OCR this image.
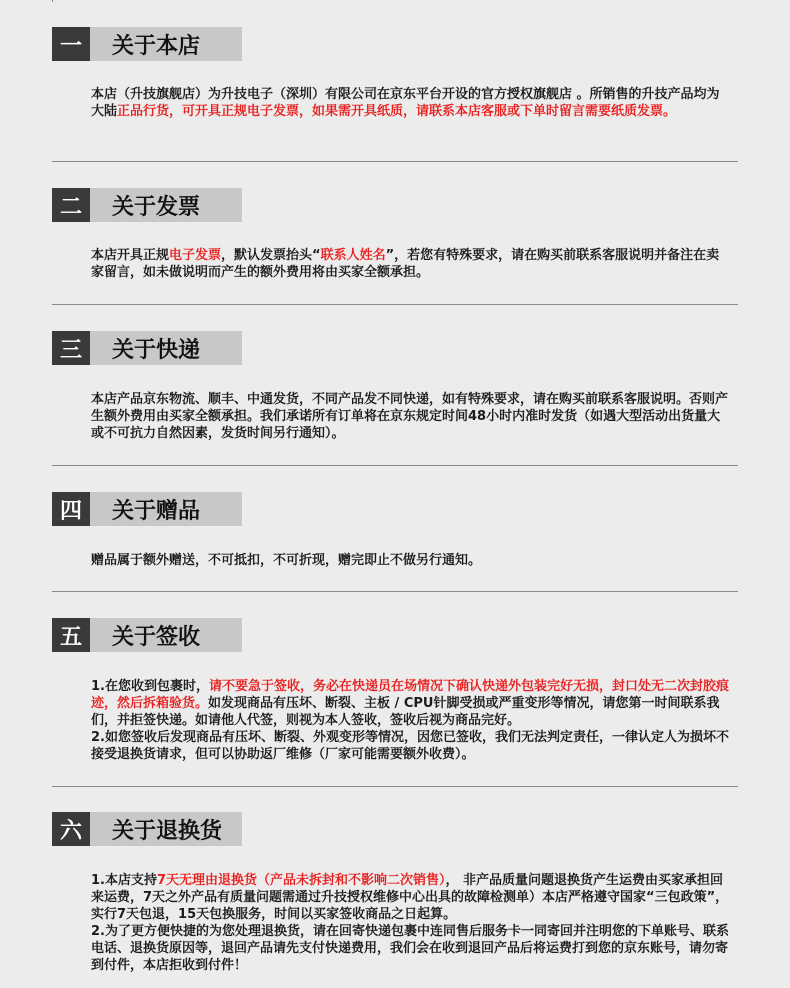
一	关于本店
本店（升技旗舰店）为升技电子（深圳）有限公司在京东平台开设的官方授权旗舰店 。所销售的升技产品均为大陆正品行货，可开具正规电子发票，如果需开具纸质，请联系本店客服或下单时留言需要纸质发票。
二	关于发票
本店开具正规电子发票，默认发票抬头“联系人姓名”，若您有特殊要求，请在购买前联系客服说明并备注在卖家留言，如未做说明而产生的额外费用将由买家全额承担。
三	关于快递
本店产品京东物流、顺丰、中通发货，不同产品发不同快递，如有特殊要求，请在购买前联系客服说明。否则产生额外费用由买家全额承担。我们承诺所有订单将在京东规定时间48小时内准时发货（如遇大型活动出货量大或不可抗力自然因素，发货时间另行通知）。
四	关于赠品
赠品属于额外赠送，不可抵扣，不可折现，赠完即止不做另行通知。
五	关于签收
1.在您收到包裹时，请不要急于签收，务必在快递员在场情况下确认快递外包装完好无损，封口处无二次封胶痕迹，然后拆箱验货。如发现商品有压坏、断裂、主板 / CPU针脚受损或严重变形等情况，请您第一时间联系我们，并拒签快递。如请他人代签，则视为本人签收，签收后视为商品完好。
2.如您签收后发现商品有压坏、断裂、外观变形等情况，因您已签收，我们无法判定责任，一律认定人为损坏不接受退换货请求，但可以协助返厂维修（厂家可能需要额外收费）。
六	关于退换货
1.本店支持7天无理由退换货（产品未拆封和不影响二次销售）， 非产品质量问题退换货产生运费由买家承担回来运费，7天之外产品有质量问题需通过升技授权维修中心出具的故障检测单）本店严格遵守国家“三包政策”，实行7天包退，15天包换服务，时间以买家签收商品之日起算。
2.为了更方便快捷的为您处理退换货，请在回寄快递包裹中连同售后服务卡一同寄回并注明您的下单账号、联系电话、退换货原因等，退回产品请先支付快递费用，我们会在收到退回产品后将运费打到您的京东账号，请勿寄到付件，本店拒收到付件！
